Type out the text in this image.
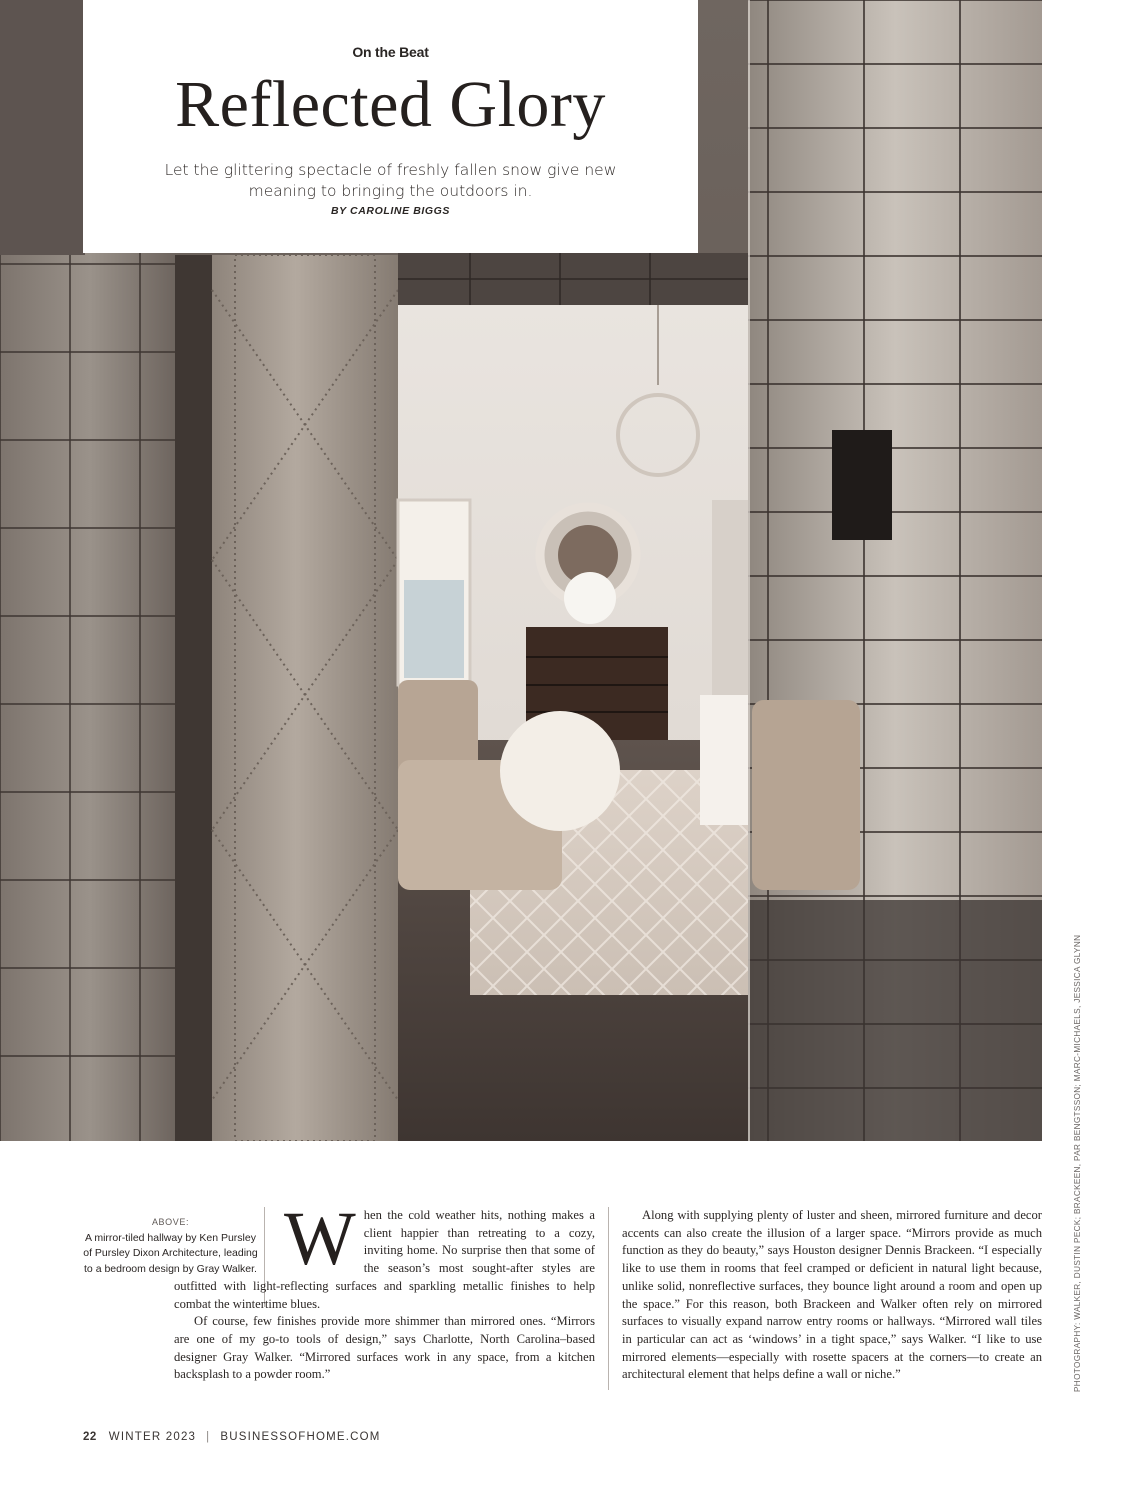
On the Beat
Reflected Glory

Let the glittering spectacle of freshly fallen snow give new meaning to bringing the outdoors in.

BY CAROLINE BIGGS
PHOTOGRAPHY: WALKER, DUSTIN PECK; BRACKEEN, PAR BENGTSSON; MARC-MICHAELS, JESSICA GLYNN
ABOVE:
A mirror-tiled hallway by Ken Pursley of Pursley Dixon Architecture, leading to a bedroom design by Gray Walker. When the cold weather hits, nothing makes a client happier than retreating to a cozy, inviting home. No surprise then that some of the season’s most sought-after styles are outfitted with light-reflecting surfaces and sparkling metallic finishes to help combat the wintertime blues.

Of course, few finishes provide more shimmer than mirrored ones. “Mirrors are one of my go-to tools of design,” says Charlotte, North Carolina–based designer Gray Walker. “Mirrored surfaces work in any space, from a kitchen backsplash to a powder room.”

Along with supplying plenty of luster and sheen, mirrored furniture and decor accents can also create the illusion of a larger space. “Mirrors provide as much function as they do beauty,” says Houston designer Dennis Brackeen. “I especially like to use them in rooms that feel cramped or deficient in natural light because, unlike solid, nonreflective surfaces, they bounce light around a room and open up the space.” For this reason, both Brackeen and Walker often rely on mirrored surfaces to visually expand narrow entry rooms or hallways. “Mirrored wall tiles in particular can act as ‘windows’ in a tight space,” says Walker. “I like to use mirrored elements—especially with rosette spacers at the corners—to create an architectural element that helps define a wall or niche.”

22 WINTER 2023 | BUSINESSOFHOME.COM
